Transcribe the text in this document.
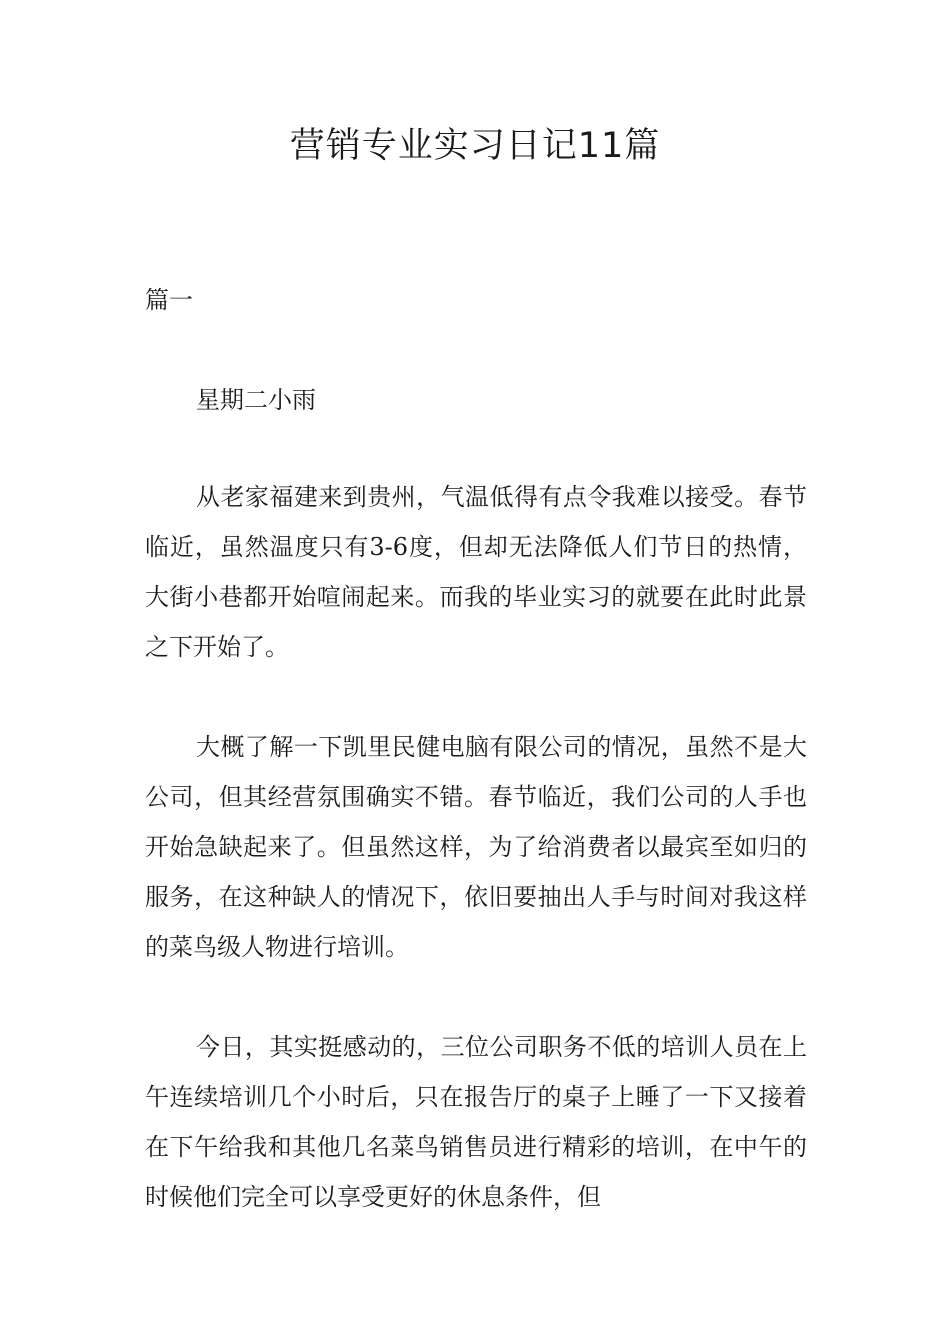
营销专业实习日记11篇

篇一

星期二小雨

从老家福建来到贵州，气温低得有点令我难以接受。春节临近，虽然温度只有3-6度，但却无法降低人们节日的热情，大街小巷都开始喧闹起来。而我的毕业实习的就要在此时此景之下开始了。

大概了解一下凯里民健电脑有限公司的情况，虽然不是大公司，但其经营氛围确实不错。春节临近，我们公司的人手也开始急缺起来了。但虽然这样，为了给消费者以最宾至如归的服务，在这种缺人的情况下，依旧要抽出人手与时间对我这样的菜鸟级人物进行培训。

今日，其实挺感动的，三位公司职务不低的培训人员在上午连续培训几个小时后，只在报告厅的桌子上睡了一下又接着在下午给我和其他几名菜鸟销售员进行精彩的培训，在中午的时候他们完全可以享受更好的休息条件，但
